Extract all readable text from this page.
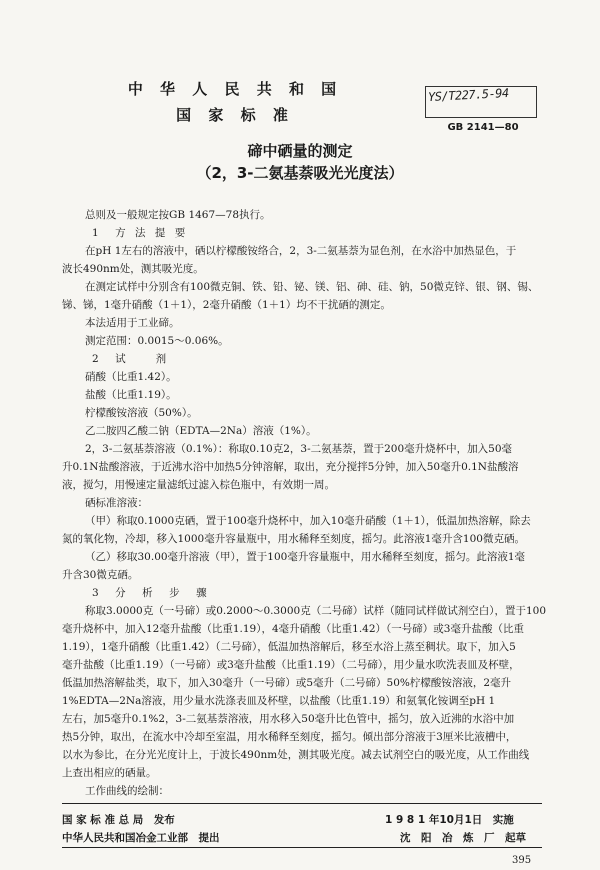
中 华 人 民 共 和 国
国 家 标 准
YS/T227.5-94
GB 2141—80
碲中硒量的测定
（2，3-二氨基萘吸光光度法）
总则及一般规定按GB 1467—78执行。
1　方 法 提 要
在pH 1左右的溶液中，硒以柠檬酸铵络合，2，3-二氨基萘为显色剂，在水浴中加热显色，于
波长490nm处，测其吸光度。
在测定试样中分别含有100微克铜、铁、铅、铋、镁、铝、砷、硅、钠，50微克锌、银、钢、锡、
锑、锑，1毫升硝酸（1＋1），2毫升硝酸（1＋1）均不干扰硒的测定。
本法适用于工业碲。
测定范围：0.0015～0.06%。
2　试　　剂
硝酸（比重1.42）。
盐酸（比重1.19）。
柠檬酸铵溶液（50%）。
乙二胺四乙酸二钠（EDTA—2Na）溶液（1%）。
2，3-二氨基萘溶液（0.1%）：称取0.10克2，3-二氨基萘，置于200毫升烧杯中，加入50毫
升0.1N盐酸溶液，于近沸水浴中加热5分钟溶解，取出，充分搅拌5分钟，加入50毫升0.1N盐酸溶
液，搅匀，用慢速定量滤纸过滤入棕色瓶中，有效期一周。
硒标准溶液：
（甲）称取0.1000克硒，置于100毫升烧杯中，加入10毫升硝酸（1＋1），低温加热溶解，除去
氮的氧化物，冷却，移入1000毫升容量瓶中，用水稀释至刻度，摇匀。此溶液1毫升含100微克硒。
（乙）移取30.00毫升溶液（甲），置于100毫升容量瓶中，用水稀释至刻度，摇匀。此溶液1毫
升含30微克硒。
3　分　析　步　骤
称取3.0000克（一号碲）或0.2000～0.3000克（二号碲）试样（随同试样做试剂空白），置于100
毫升烧杯中，加入12毫升盐酸（比重1.19），4毫升硝酸（比重1.42）（一号碲）或3毫升盐酸（比重
1.19），1毫升硝酸（比重1.42）（二号碲），低温加热溶解后，移至水浴上蒸至稠状。取下，加入5
毫升盐酸（比重1.19）（一号碲）或3毫升盐酸（比重1.19）（二号碲），用少量水吹洗表皿及杯壁，
低温加热溶解盐类，取下，加入30毫升（一号碲）或5毫升（二号碲）50%柠檬酸铵溶液，2毫升
1%EDTA—2Na溶液，用少量水洗涤表皿及杯壁，以盐酸（比重1.19）和氨氧化铵调至pH 1
左右，加5毫升0.1%2，3-二氨基萘溶液，用水移入50毫升比色管中，摇匀，放入近沸的水浴中加
热5分钟，取出，在流水中冷却至室温，用水稀释至刻度，摇匀。倾出部分溶液于3厘米比液槽中，
以水为参比，在分光光度计上，于波长490nm处，测其吸光度。减去试剂空白的吸光度，从工作曲线
上查出相应的硒量。
工作曲线的绘制：
国 家 标 准 总 局　发布	1 9 8 1 年10月1日　实施
中华人民共和国冶金工业部　提出	沈　阳　冶　炼　厂　起草
395
